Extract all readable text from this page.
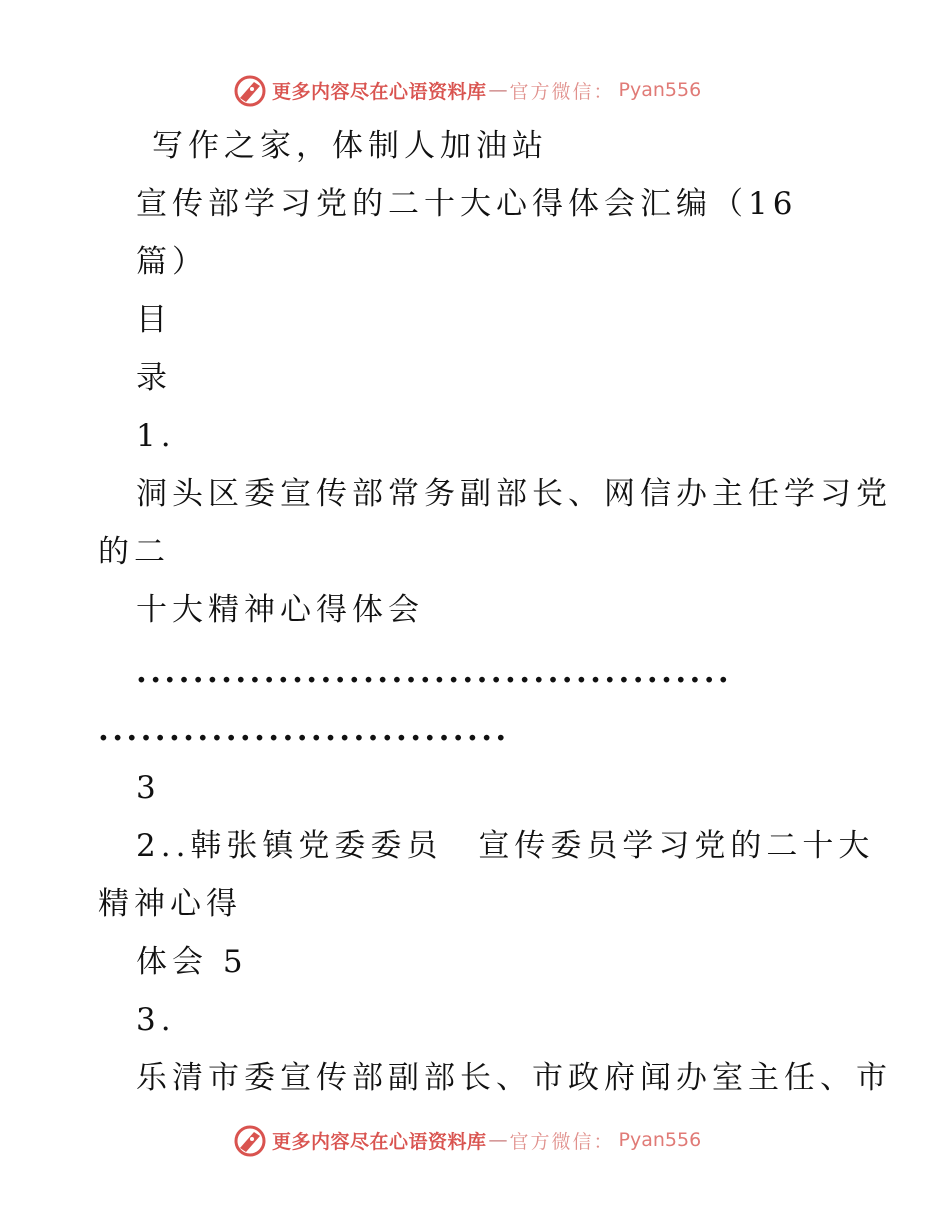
更多内容尽在心语资料库 — 官方微信： Pyan556
写作之家，体制人加油站
宣传部学习党的二十大心得体会汇编（16
篇）
目
录
1.
洞头区委宣传部常务副部长、网信办主任学习党
的二
十大精神心得体会
..........................................
.............................
3
2..韩张镇党委委员　宣传委员学习党的二十大
精神心得
体会 5
3.
乐清市委宣传部副部长、市政府闻办室主任、市
更多内容尽在心语资料库 — 官方微信： Pyan556
